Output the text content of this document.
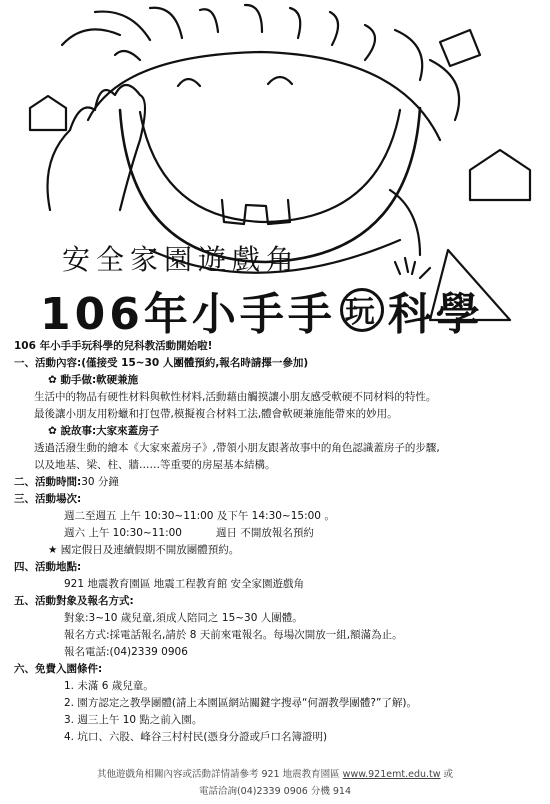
安全家園遊戲角
106年小手手 玩 科學
106 年小手手玩科學的兒科教活動開始啦!
一、活動內容:(僅接受 15~30 人團體預約,報名時請擇一參加)
✿ 動手做:軟硬兼施
生活中的物品有硬性材料與軟性材料,活動藉由觸摸讓小朋友感受軟硬不同材料的特性。
最後讓小朋友用粉蠟和打包帶,模擬複合材料工法,體會軟硬兼施能帶來的妙用。
✿ 說故事:大家來蓋房子
透過活潑生動的繪本《大家來蓋房子》,帶領小朋友跟著故事中的角色認識蓋房子的步驟,
以及地基、梁、柱、牆……等重要的房屋基本結構。
二、活動時間:30 分鐘
三、活動場次:
週二至週五 上午 10:30~11:00 及下午 14:30~15:00 。
週六 上午 10:30~11:00	週日 不開放報名預約
★ 國定假日及連續假期不開放團體預約。
四、活動地點:
921 地震教育園區 地震工程教育館 安全家園遊戲角
五、活動對象及報名方式:
對象:3~10 歲兒童,須成人陪同之 15~30 人團體。
報名方式:採電話報名,請於 8 天前來電報名。每場次開放一組,額滿為止。
報名電話:(04)2339 0906
六、免費入園條件:
1. 未滿 6 歲兒童。
2. 園方認定之教學團體(請上本園區網站關鍵字搜尋“何謂教學團體?”了解)。
3. 週三上午 10 點之前入園。
4. 坑口、六股、峰谷三村村民(憑身分證或戶口名簿證明)
其他遊戲角相關內容或活動詳情請參考 921 地震教育園區 www.921emt.edu.tw 或
電話洽詢(04)2339 0906 分機 914
